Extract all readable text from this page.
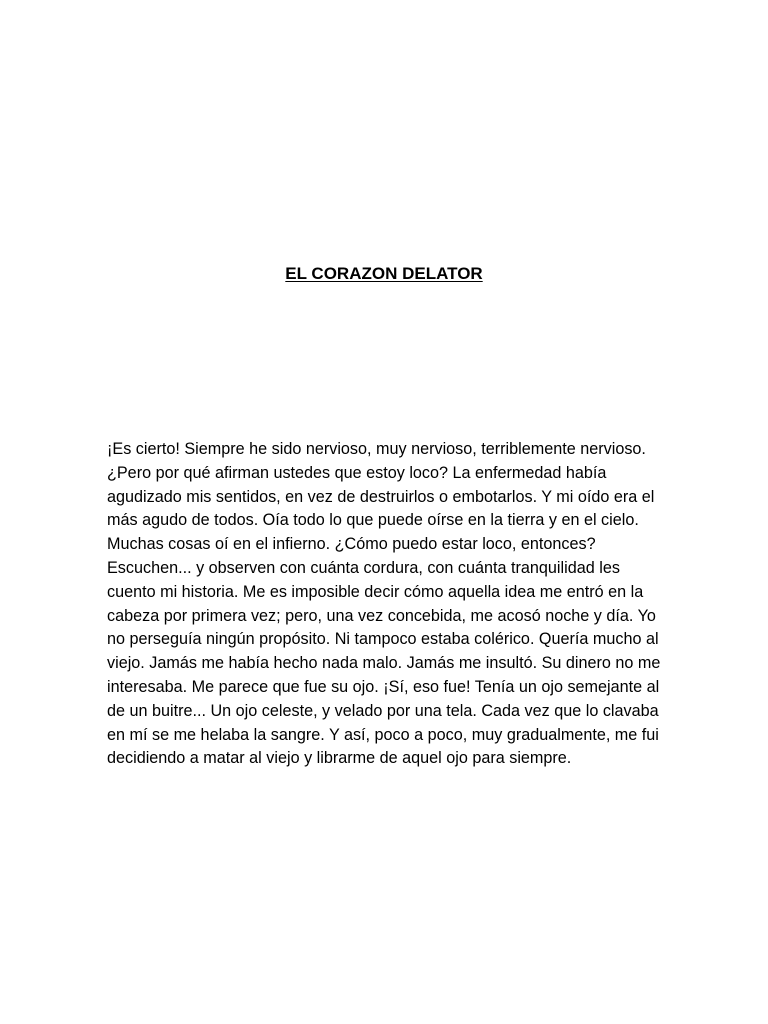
EL CORAZON DELATOR
¡Es cierto! Siempre he sido nervioso, muy nervioso, terriblemente nervioso.
¿Pero por qué afirman ustedes que estoy loco? La enfermedad había
agudizado mis sentidos, en vez de destruirlos o embotarlos. Y mi oído era el
más agudo de todos. Oía todo lo que puede oírse en la tierra y en el cielo.
Muchas cosas oí en el infierno. ¿Cómo puedo estar loco, entonces?
Escuchen... y observen con cuánta cordura, con cuánta tranquilidad les
cuento mi historia. Me es imposible decir cómo aquella idea me entró en la
cabeza por primera vez; pero, una vez concebida, me acosó noche y día. Yo
no perseguía ningún propósito. Ni tampoco estaba colérico. Quería mucho al
viejo. Jamás me había hecho nada malo. Jamás me insultó. Su dinero no me
interesaba. Me parece que fue su ojo. ¡Sí, eso fue! Tenía un ojo semejante al
de un buitre... Un ojo celeste, y velado por una tela. Cada vez que lo clavaba
en mí se me helaba la sangre. Y así, poco a poco, muy gradualmente, me fui
decidiendo a matar al viejo y librarme de aquel ojo para siempre.
